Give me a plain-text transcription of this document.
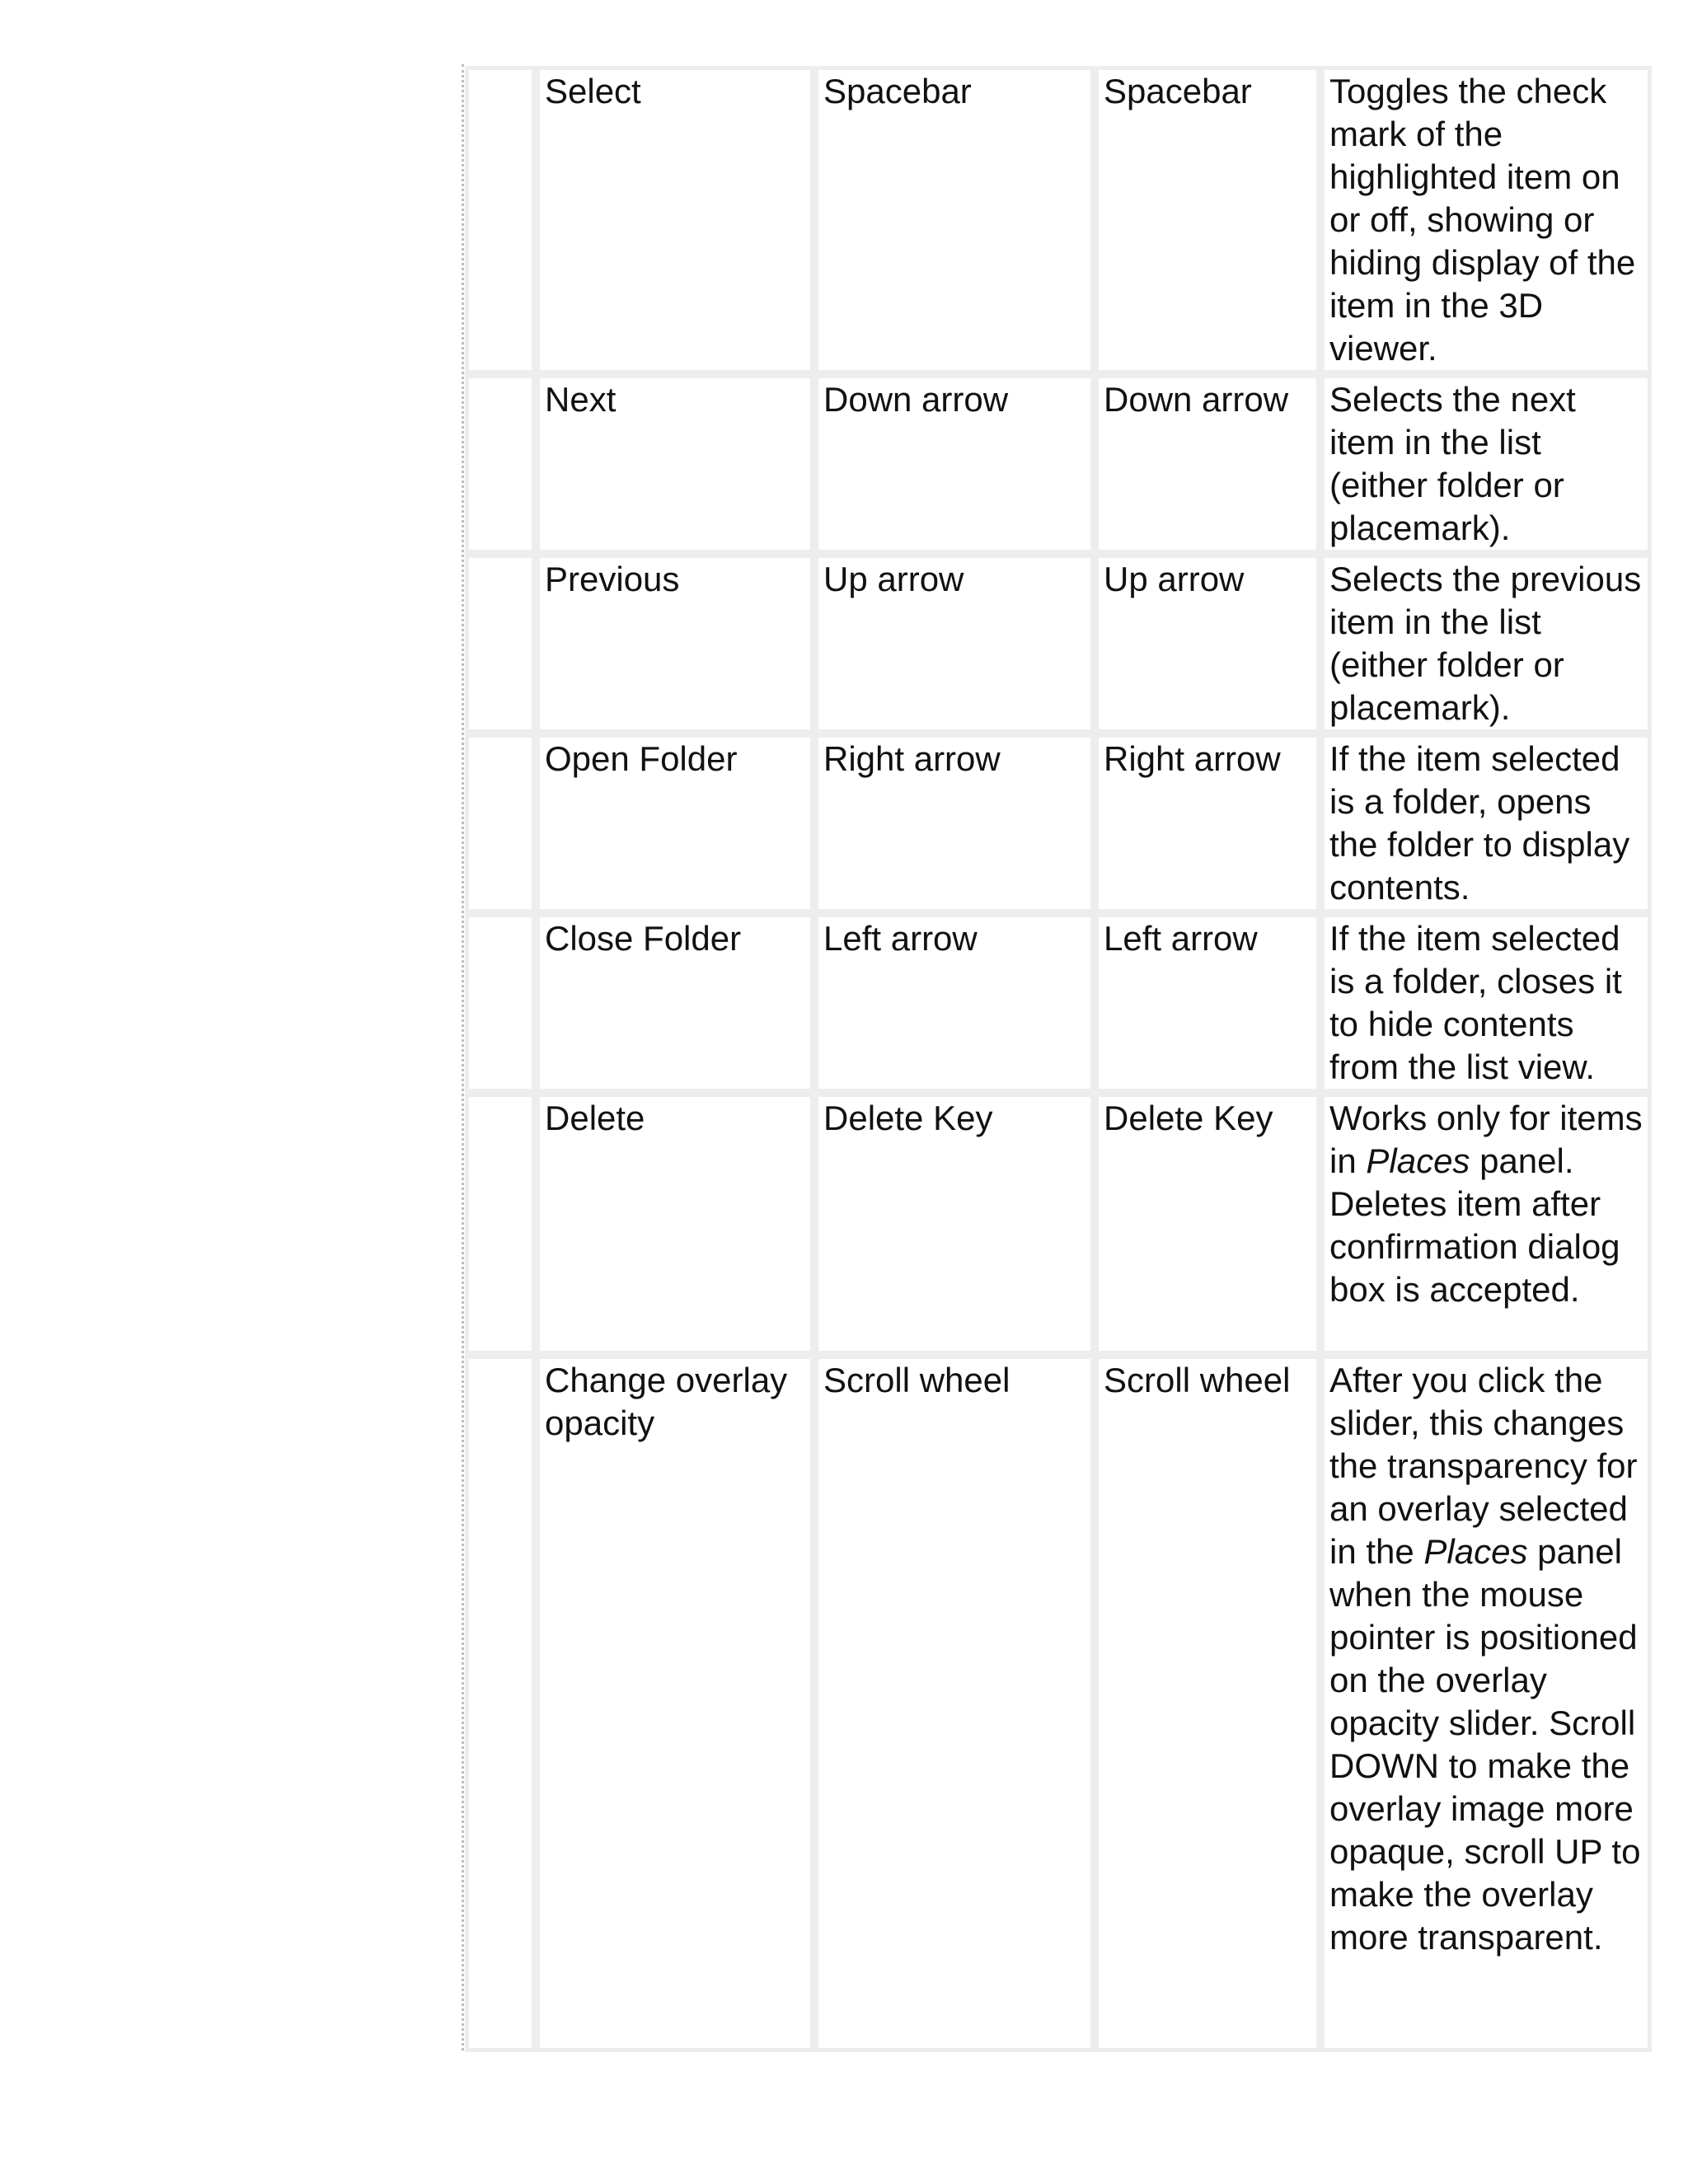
	Select	Spacebar	Spacebar	Toggles the check mark of the highlighted item on or off, showing or hiding display of the item in the 3D viewer.
	Next	Down arrow	Down arrow	Selects the next item in the list (either folder or placemark).
	Previous	Up arrow	Up arrow	Selects the previous item in the list (either folder or placemark).
	Open Folder	Right arrow	Right arrow	If the item selected is a folder, opens the folder to display contents.
	Close Folder	Left arrow	Left arrow	If the item selected is a folder, closes it to hide contents from the list view.
	Delete	Delete Key	Delete Key	Works only for items in Places panel. Deletes item after confirmation dialog box is accepted.
	Change overlay opacity	Scroll wheel	Scroll wheel	After you click the slider, this changes the transparency for an overlay selected in the Places panel when the mouse pointer is positioned on the overlay opacity slider. Scroll DOWN to make the overlay image more opaque, scroll UP to make the overlay more transparent.
